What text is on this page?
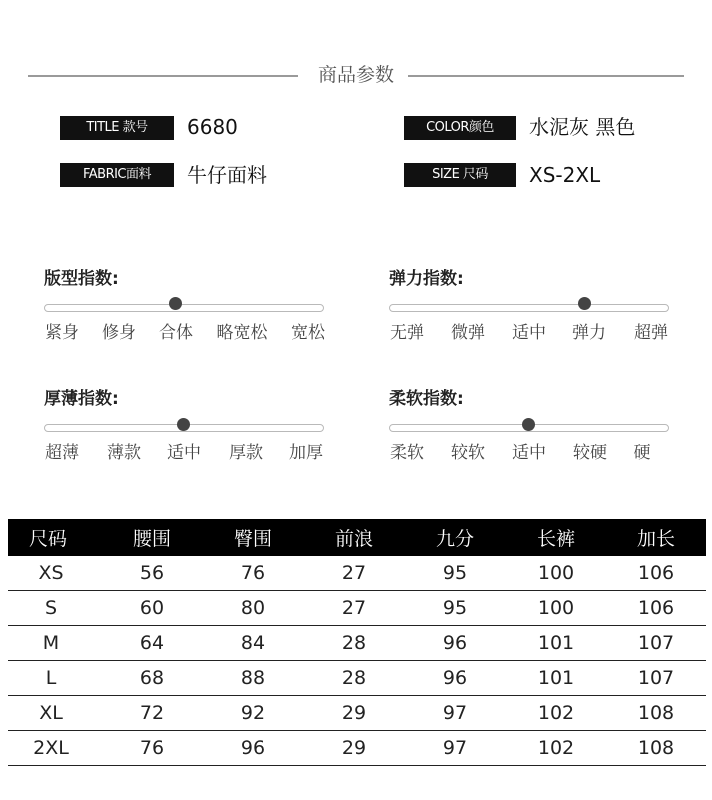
商品参数
TITLE 款号	6680	COLOR颜色	水泥灰 黑色
FABRIC面料	牛仔面料	SIZE 尺码	XS-2XL
版型指数:
紧身 修身 合体 略宽松 宽松
弹力指数:
无弹 微弹 适中 弹力 超弹
厚薄指数:
超薄 薄款 适中 厚款 加厚
柔软指数:
柔软 较软 适中 较硬 硬
尺码	腰围	臀围	前浪	九分	长裤	加长
XS	56	76	27	95	100	106
S	60	80	27	95	100	106
M	64	84	28	96	101	107
L	68	88	28	96	101	107
XL	72	92	29	97	102	108
2XL	76	96	29	97	102	108
